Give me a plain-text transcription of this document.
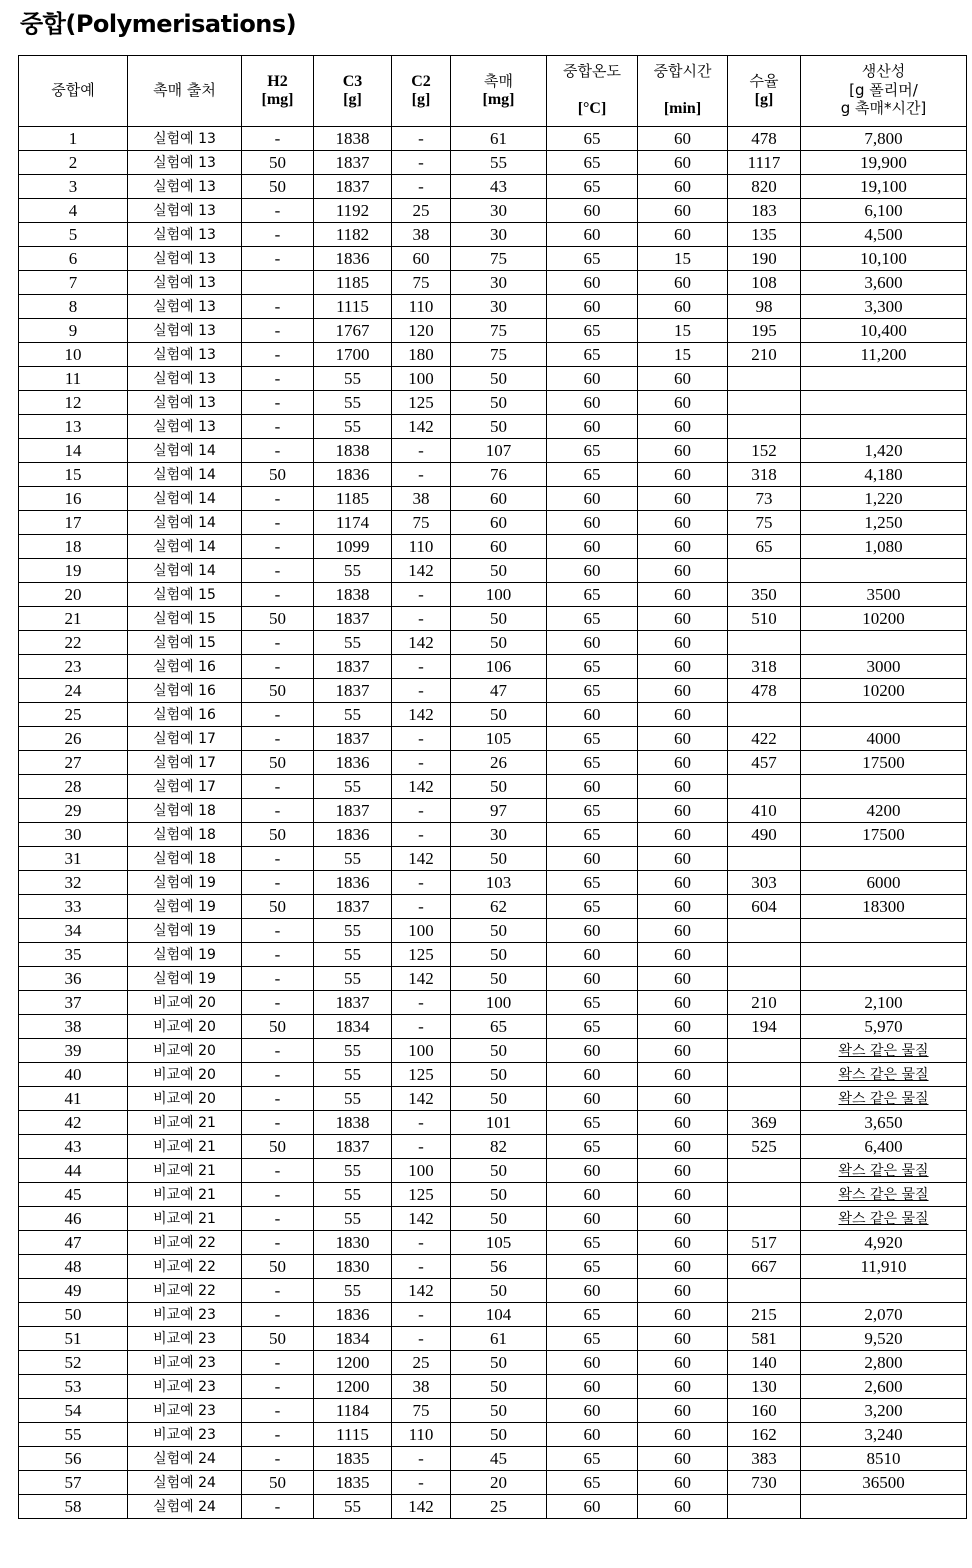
중합(Polymerisations)
중합예	촉매 출처	H2
[mg]	C3
[g]	C2
[g]	촉매
[mg]	중합온도

[°C]	중합시간

[min]	수율
[g]	생산성
[g 폴리머/
g 촉매*시간]
1	실험예 13	-	1838	-	61	65	60	478	7,800
2	실험예 13	50	1837	-	55	65	60	1117	19,900
3	실험예 13	50	1837	-	43	65	60	820	19,100
4	실험예 13	-	1192	25	30	60	60	183	6,100
5	실험예 13	-	1182	38	30	60	60	135	4,500
6	실험예 13	-	1836	60	75	65	15	190	10,100
7	실험예 13		1185	75	30	60	60	108	3,600
8	실험예 13	-	1115	110	30	60	60	98	3,300
9	실험예 13	-	1767	120	75	65	15	195	10,400
10	실험예 13	-	1700	180	75	65	15	210	11,200
11	실험예 13	-	55	100	50	60	60		
12	실험예 13	-	55	125	50	60	60		
13	실험예 13	-	55	142	50	60	60		
14	실험예 14	-	1838	-	107	65	60	152	1,420
15	실험예 14	50	1836	-	76	65	60	318	4,180
16	실험예 14	-	1185	38	60	60	60	73	1,220
17	실험예 14	-	1174	75	60	60	60	75	1,250
18	실험예 14	-	1099	110	60	60	60	65	1,080
19	실험예 14	-	55	142	50	60	60		
20	실험예 15	-	1838	-	100	65	60	350	3500
21	실험예 15	50	1837	-	50	65	60	510	10200
22	실험예 15	-	55	142	50	60	60		
23	실험예 16	-	1837	-	106	65	60	318	3000
24	실험예 16	50	1837	-	47	65	60	478	10200
25	실험예 16	-	55	142	50	60	60		
26	실험예 17	-	1837	-	105	65	60	422	4000
27	실험예 17	50	1836	-	26	65	60	457	17500
28	실험예 17	-	55	142	50	60	60		
29	실험예 18	-	1837	-	97	65	60	410	4200
30	실험예 18	50	1836	-	30	65	60	490	17500
31	실험예 18	-	55	142	50	60	60		
32	실험예 19	-	1836	-	103	65	60	303	6000
33	실험예 19	50	1837	-	62	65	60	604	18300
34	실험예 19	-	55	100	50	60	60		
35	실험예 19	-	55	125	50	60	60		
36	실험예 19	-	55	142	50	60	60		
37	비교예 20	-	1837	-	100	65	60	210	2,100
38	비교예 20	50	1834	-	65	65	60	194	5,970
39	비교예 20	-	55	100	50	60	60		왁스 같은 물질
40	비교예 20	-	55	125	50	60	60		왁스 같은 물질
41	비교예 20	-	55	142	50	60	60		왁스 같은 물질
42	비교예 21	-	1838	-	101	65	60	369	3,650
43	비교예 21	50	1837	-	82	65	60	525	6,400
44	비교예 21	-	55	100	50	60	60		왁스 같은 물질
45	비교예 21	-	55	125	50	60	60		왁스 같은 물질
46	비교예 21	-	55	142	50	60	60		왁스 같은 물질
47	비교예 22	-	1830	-	105	65	60	517	4,920
48	비교예 22	50	1830	-	56	65	60	667	11,910
49	비교예 22	-	55	142	50	60	60		
50	비교예 23	-	1836	-	104	65	60	215	2,070
51	비교예 23	50	1834	-	61	65	60	581	9,520
52	비교예 23	-	1200	25	50	60	60	140	2,800
53	비교예 23	-	1200	38	50	60	60	130	2,600
54	비교예 23	-	1184	75	50	60	60	160	3,200
55	비교예 23	-	1115	110	50	60	60	162	3,240
56	실험예 24	-	1835	-	45	65	60	383	8510
57	실험예 24	50	1835	-	20	65	60	730	36500
58	실험예 24	-	55	142	25	60	60		
